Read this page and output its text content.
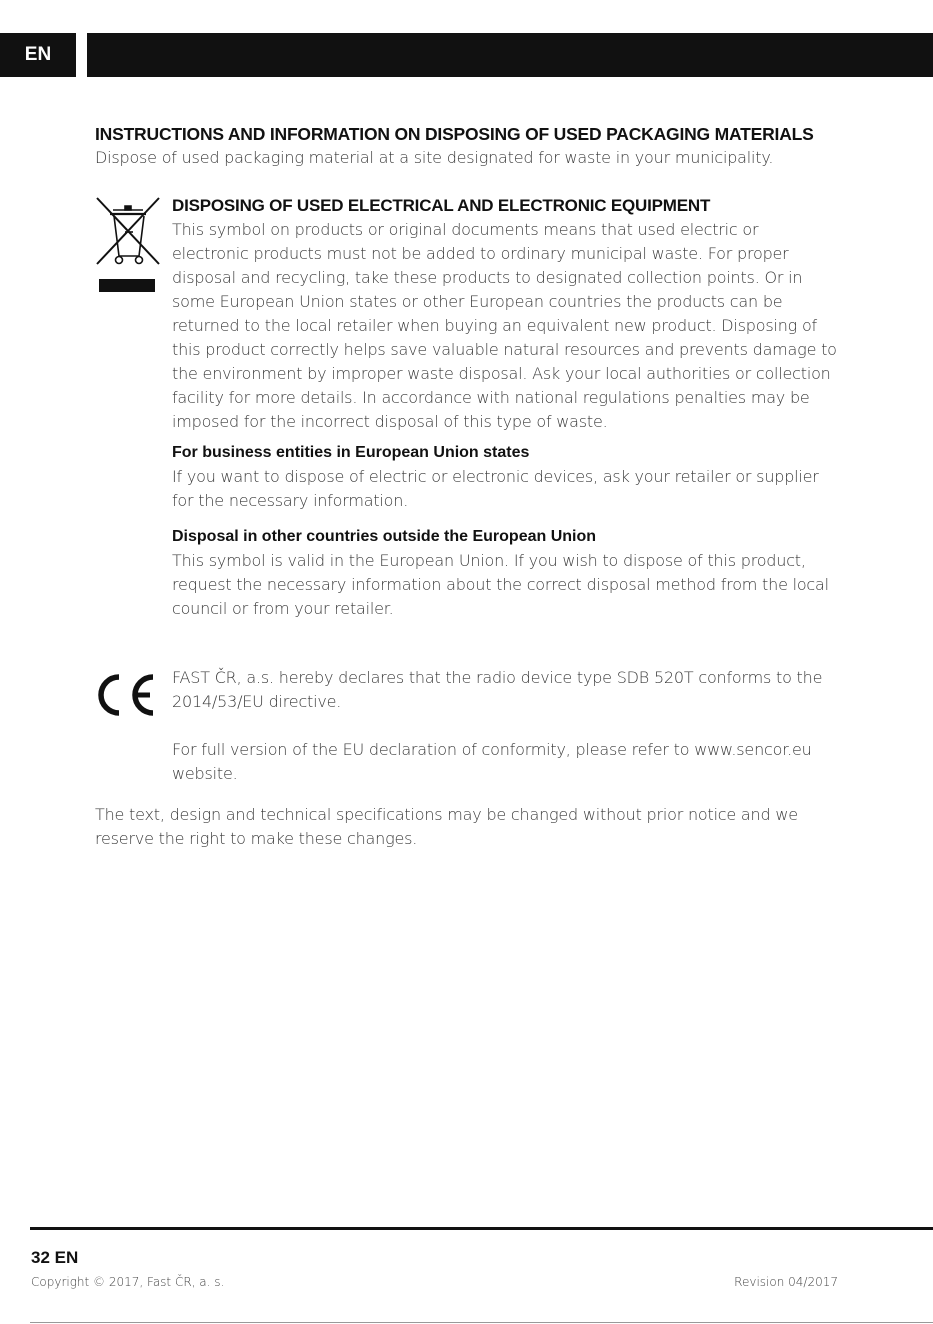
EN
INSTRUCTIONS AND INFORMATION ON DISPOSING OF USED PACKAGING MATERIALS

Dispose of used packaging material at a site designated for waste in your municipality.

DISPOSING OF USED ELECTRICAL AND ELECTRONIC EQUIPMENT

This symbol on products or original documents means that used electric or electronic products must not be added to ordinary municipal waste. For proper disposal and recycling, take these products to designated collection points. Or in some European Union states or other European countries the products can be returned to the local retailer when buying an equivalent new product. Disposing of this product correctly helps save valuable natural resources and prevents damage to the environment by improper waste disposal. Ask your local authorities or collection facility for more details. In accordance with national regulations penalties may be imposed for the incorrect disposal of this type of waste.

For business entities in European Union states

If you want to dispose of electric or electronic devices, ask your retailer or supplier for the necessary information.

Disposal in other countries outside the European Union

This symbol is valid in the European Union. If you wish to dispose of this product, request the necessary information about the correct disposal method from the local council or from your retailer.

FAST ČR, a.s. hereby declares that the radio device type SDB 520T conforms to the 2014/53/EU directive.

For full version of the EU declaration of conformity, please refer to www.sencor.eu website.

The text, design and technical specifications may be changed without prior notice and we reserve the right to make these changes.

32 EN
Copyright © 2017, Fast ČR, a. s.	Revision 04/2017
